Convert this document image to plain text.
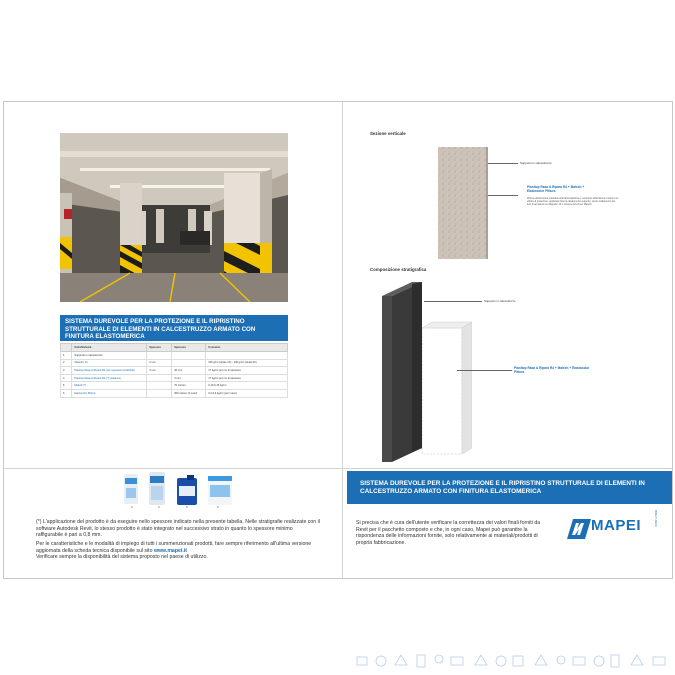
SISTEMA DUREVOLE PER LA PROTEZIONE E IL RIPRISTINO STRUTTURALE DI ELEMENTI IN CALCESTRUZZO ARMATO CON FINITURA ELASTOMERICA
	Ciclo/Sistema	Spessore	Spessore	Consumo
1	Supporto in calcestruzzo			
2	Mapefer 1K	2 mm		100 g/m² (strato 1K) - 100 g/m² (strato 2K)
3	Planitop Rasa & Ripara R4 (per spessore localizzati)	3 mm	40 mm	17 kg/m² per cm di spessore
4	Planitop Rasa & Ripara R4 (*) (rasatura)		3 mm	17 kg/m² per cm di spessore
5	Malech (*)		70 micron	0,10-0,15 kg/m²
6	Elastocolor Pittura		300 micron (2 mani)	0,3-0,4 kg/m² (per mano)
2	3	5	6
(*) L'applicazione del prodotto è da eseguire nello spessore indicato nella presente tabella. Nelle stratigrafie realizzate con il software Autodesk Revit, lo stesso prodotto è stato integrato nel successivo strato in quanto lo spessore minimo raffigurabile è pari a 0,8 mm.
Per le caratteristiche e le modalità di impiego di tutti i summenzionati prodotti, fare sempre riferimento all'ultima versione aggiornata della scheda tecnica disponibile sul sito www.mapei.it
Verificare sempre la disponibilità del sistema proposto nel paese di utilizzo.
Sezione verticale
Supporto in calcestruzzo
Planitop Rasa & Ripara R4 + Malech + Elastocolor Pittura
Pittura elastomerica protettiva anticarbonatazione e resistente all'ambiente marino con effetto di protezione, applicata dopo la rasatura del supporto, previo trattamento dei ferri di armatura con Mapefer 1K e stesura del primer Malech.
Composizione stratigrafica
Supporto in calcestruzzo
Planitop Rasa & Ripara R4 + Malech + Elastocolor Pittura
SISTEMA DUREVOLE PER LA PROTEZIONE E IL RIPRISTINO STRUTTURALE DI ELEMENTI IN CALCESTRUZZO ARMATO CON FINITURA ELASTOMERICA
Si precisa che è cura dell'utente verificare la correttezza dei valori finali forniti da Revit per il pacchetto composto e che, in ogni caso, Mapei può garantire la rispondenza delle informazioni fornite, solo relativamente ai materiali/prodotti di propria fabbricazione.
MAPEI	BIM-IT-0226
